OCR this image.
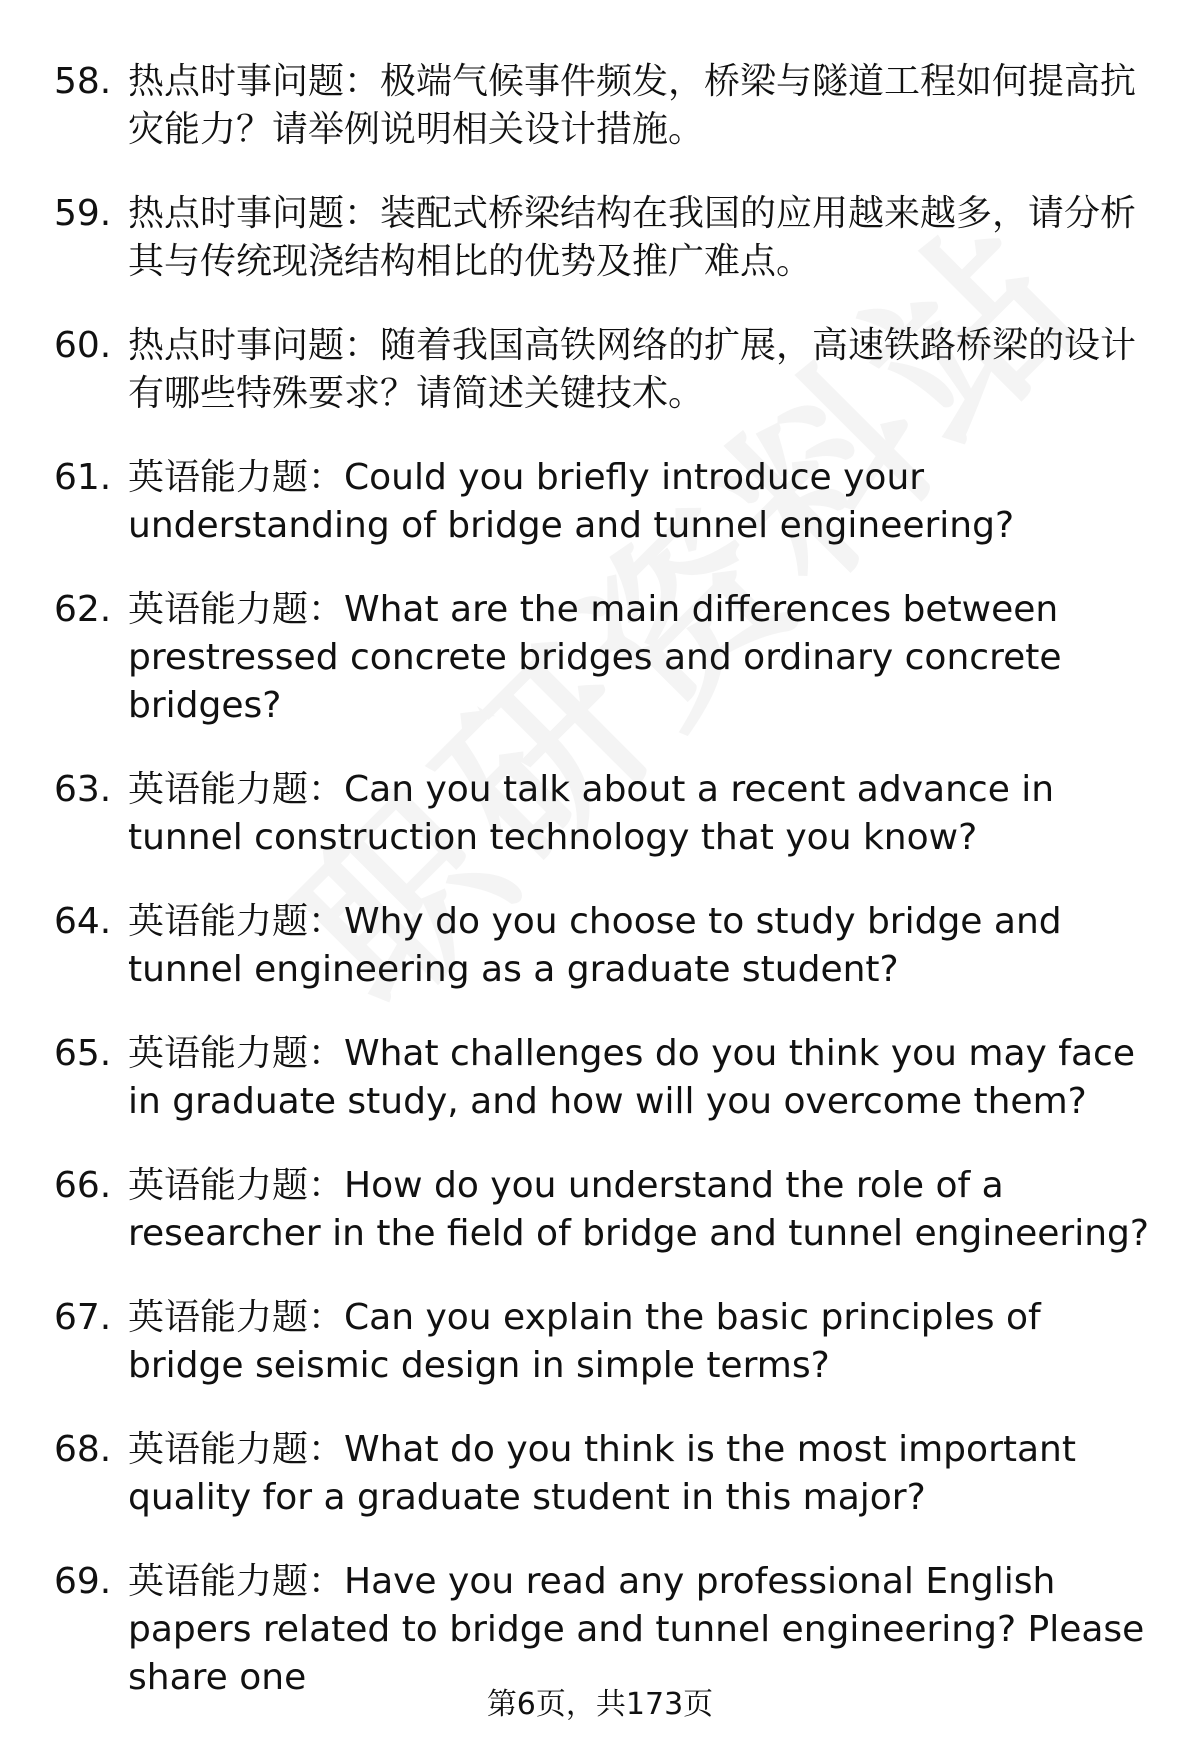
58. 热点时事问题：极端气候事件频发，桥梁与隧道工程如何提高抗灾能力？请举例说明相关设计措施。
59. 热点时事问题：装配式桥梁结构在我国的应用越来越多，请分析其与传统现浇结构相比的优势及推广难点。
60. 热点时事问题：随着我国高铁网络的扩展，高速铁路桥梁的设计有哪些特殊要求？请简述关键技术。
61. 英语能力题：Could you briefly introduce your understanding of bridge and tunnel engineering?
62. 英语能力题：What are the main differences between prestressed concrete bridges and ordinary concrete bridges?
63. 英语能力题：Can you talk about a recent advance in tunnel construction technology that you know?
64. 英语能力题：Why do you choose to study bridge and tunnel engineering as a graduate student?
65. 英语能力题：What challenges do you think you may face in graduate study, and how will you overcome them?
66. 英语能力题：How do you understand the role of a researcher in the field of bridge and tunnel engineering?
67. 英语能力题：Can you explain the basic principles of bridge seismic design in simple terms?
68. 英语能力题：What do you think is the most important quality for a graduate student in this major?
69. 英语能力题：Have you read any professional English papers related to bridge and tunnel engineering? Please share one
第6页，共173页
